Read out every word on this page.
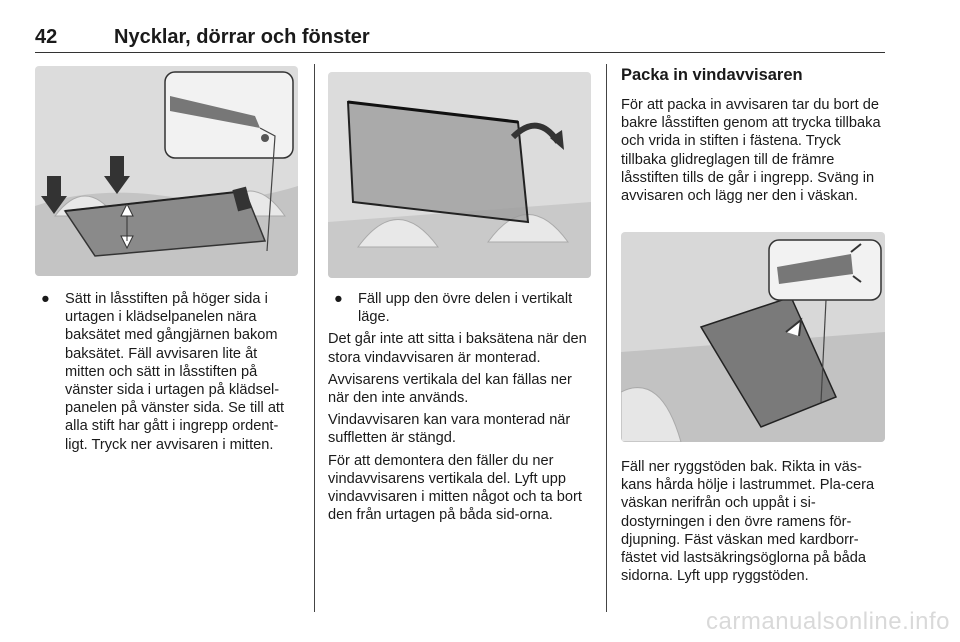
42	Nycklar, dörrar och fönster
● Sätt in låsstiften på höger sida i urtagen i klädselpanelen nära baksätet med gångjärnen bakom baksätet. Fäll avvisaren lite åt mitten och sätt in låsstiften på vänster sida i urtagen på klädsel-panelen på vänster sida. Se till att alla stift har gått i ingrepp ordent-ligt. Tryck ner avvisaren i mitten.
● Fäll upp den övre delen i vertikalt läge.

Det går inte att sitta i baksätena när den stora vindavvisaren är monterad.

Avvisarens vertikala del kan fällas ner när den inte används.

Vindavvisaren kan vara monterad när suffletten är stängd.

För att demontera den fäller du ner vindavvisarens vertikala del. Lyft upp vindavvisaren i mitten något och ta bort den från urtagen på båda sid-orna.

Packa in vindavvisaren
För att packa in avvisaren tar du bort de bakre låsstiften genom att trycka tillbaka och vrida in stiften i fästena. Tryck tillbaka glidreglagen till de främre låsstiften tills de går i ingrepp. Sväng in avvisaren och lägg ner den i väskan.
Fäll ner ryggstöden bak. Rikta in väs-kans hårda hölje i lastrummet. Pla-cera väskan nerifrån och uppåt i si-dostyrningen i den övre ramens för-djupning. Fäst väskan med kardborr-fästet vid lastsäkringsöglorna på båda sidorna. Lyft upp ryggstöden.
carmanualsonline.info
